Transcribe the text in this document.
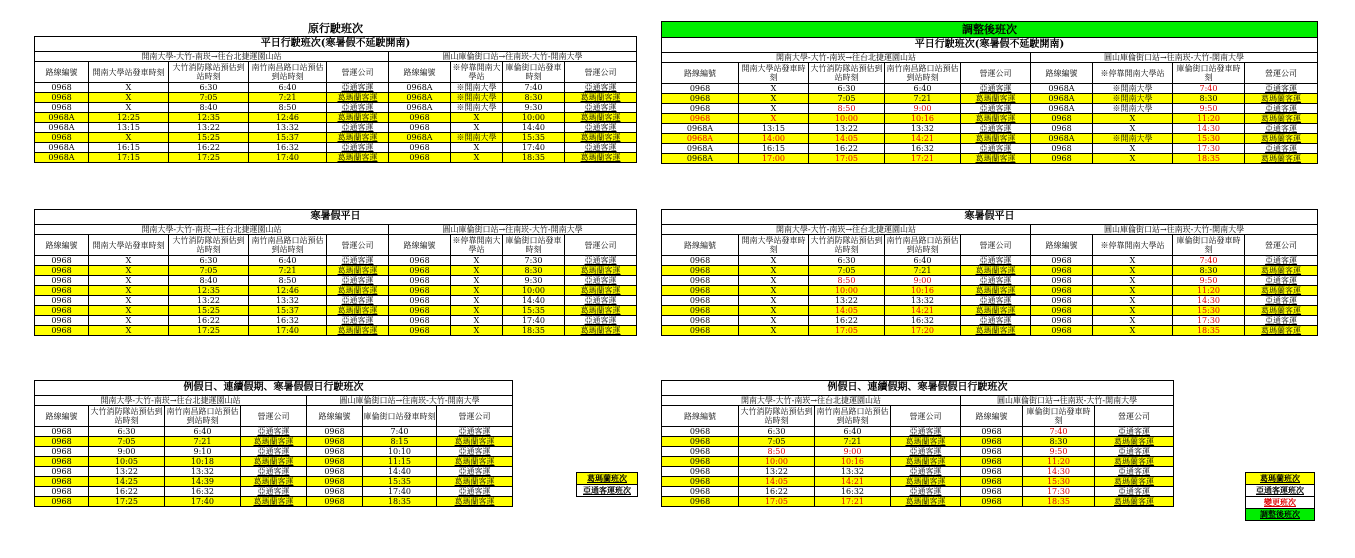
原行駛班次								
平日行駛班次(寒暑假不延駛開南)								
開南大學-大竹-南崁→往台北捷運園山站					圓山庫倫街口站→往南崁-大竹-開南大學			
路線編號	開南大學站發車時刻	大竹消防隊站預估到站時刻	南竹南昌路口站預估到站時刻	營運公司	路線編號	※停靠開南大學站	庫倫街口站發車時刻	營運公司
0968	X	6:30	6:40	亞通客運	0968A	※開南大學	7:40	亞通客運
0968	X	7:05	7:21	葛瑪蘭客運	0968A	※開南大學	8:30	葛瑪蘭客運
0968	X	8:40	8:50	亞通客運	0968A	※開南大學	9:30	亞通客運
0968A	12:25	12:35	12:46	葛瑪蘭客運	0968	X	10:00	葛瑪蘭客運
0968A	13:15	13:22	13:32	亞通客運	0968	X	14:40	亞通客運
0968	X	15:25	15:37	葛瑪蘭客運	0968A	※開南大學	15:35	葛瑪蘭客運
0968A	16:15	16:22	16:32	亞通客運	0968	X	17:40	亞通客運
0968A	17:15	17:25	17:40	葛瑪蘭客運	0968	X	18:35	葛瑪蘭客運
寒暑假平日								
開南大學-大竹-南崁→往台北捷運園山站					圓山庫倫街口站→往南崁-大竹-開南大學			
路線編號	開南大學站發車時刻	大竹消防隊站預估到站時刻	南竹南昌路口站預估到站時刻	營運公司	路線編號	※停靠開南大學站	庫倫街口站發車時刻	營運公司
0968	X	6:30	6:40	亞通客運	0968	X	7:30	亞通客運
0968	X	7:05	7:21	葛瑪蘭客運	0968	X	8:30	葛瑪蘭客運
0968	X	8:40	8:50	亞通客運	0968	X	9:30	亞通客運
0968	X	12:35	12:46	葛瑪蘭客運	0968	X	10:00	葛瑪蘭客運
0968	X	13:22	13:32	亞通客運	0968	X	14:40	亞通客運
0968	X	15:25	15:37	葛瑪蘭客運	0968	X	15:35	葛瑪蘭客運
0968	X	16:22	16:32	亞通客運	0968	X	17:40	亞通客運
0968	X	17:25	17:40	葛瑪蘭客運	0968	X	18:35	葛瑪蘭客運
例假日、連續假期、寒暑假假日行駛班次						
開南大學-大竹-南崁→往台北捷運園山站				圓山庫倫街口站→往南崁-大竹-開南大學		
路線編號	大竹消防隊站預估到站時刻	南竹南昌路口站預估到站時刻	營運公司	路線編號	庫倫街口站發車時刻	營運公司
0968	6:30	6:40	亞通客運	0968	7:40	亞通客運
0968	7:05	7:21	葛瑪蘭客運	0968	8:15	葛瑪蘭客運
0968	9:00	9:10	亞通客運	0968	10:10	亞通客運
0968	10:05	10:18	葛瑪蘭客運	0968	11:15	葛瑪蘭客運
0968	13:22	13:32	亞通客運	0968	14:40	亞通客運
0968	14:25	14:39	葛瑪蘭客運	0968	15:35	葛瑪蘭客運
0968	16:22	16:32	亞通客運	0968	17:40	亞通客運
0968	17:25	17:40	葛瑪蘭客運	0968	18:35	葛瑪蘭客運
葛瑪蘭班次
亞通客運班次
調整後班次								
平日行駛班次(寒暑假不延駛開南)								
開南大學-大竹-南崁→往台北捷運園山站					圓山庫倫街口站→往南崁-大竹-開南大學			
路線編號	開南大學站發車時刻	大竹消防隊站預估到站時刻	南竹南昌路口站預估到站時刻	營運公司	路線編號	※停靠開南大學站	庫倫街口站發車時刻	營運公司
0968	X	6:30	6:40	亞通客運	0968A	※開南大學	7:40	亞通客運
0968	X	7:05	7:21	葛瑪蘭客運	0968A	※開南大學	8:30	葛瑪蘭客運
0968	X	8:50	9:00	亞通客運	0968A	※開南大學	9:50	亞通客運
0968	X	10:00	10:16	葛瑪蘭客運	0968	X	11:20	葛瑪蘭客運
0968A	13:15	13:22	13:32	亞通客運	0968	X	14:30	亞通客運
0968A	14:00	14:05	14:21	葛瑪蘭客運	0968A	※開南大學	15:30	葛瑪蘭客運
0968A	16:15	16:22	16:32	亞通客運	0968	X	17:30	亞通客運
0968A	17:00	17:05	17:21	葛瑪蘭客運	0968	X	18:35	葛瑪蘭客運
寒暑假平日								
開南大學-大竹-南崁→往台北捷運園山站					圓山庫倫街口站→往南崁-大竹-開南大學			
路線編號	開南大學站發車時刻	大竹消防隊站預估到站時刻	南竹南昌路口站預估到站時刻	營運公司	路線編號	※停靠開南大學站	庫倫街口站發車時刻	營運公司
0968	X	6:30	6:40	亞通客運	0968	X	7:40	亞通客運
0968	X	7:05	7:21	葛瑪蘭客運	0968	X	8:30	葛瑪蘭客運
0968	X	8:50	9:00	亞通客運	0968	X	9:50	亞通客運
0968	X	10:00	10:16	葛瑪蘭客運	0968	X	11:20	葛瑪蘭客運
0968	X	13:22	13:32	亞通客運	0968	X	14:30	亞通客運
0968	X	14:05	14:21	葛瑪蘭客運	0968	X	15:30	葛瑪蘭客運
0968	X	16:22	16:32	亞通客運	0968	X	17:30	亞通客運
0968	X	17:05	17:20	葛瑪蘭客運	0968	X	18:35	葛瑪蘭客運
例假日、連續假期、寒暑假假日行駛班次						
開南大學-大竹-南崁→往台北捷運園山站				圓山庫倫街口站→往南崁-大竹-開南大學		
路線編號	大竹消防隊站預估到站時刻	南竹南昌路口站預估到站時刻	營運公司	路線編號	庫倫街口站發車時刻	營運公司
0968	6:30	6:40	亞通客運	0968	7:40	亞通客運
0968	7:05	7:21	葛瑪蘭客運	0968	8:30	葛瑪蘭客運
0968	8:50	9:00	亞通客運	0968	9:50	亞通客運
0968	10:00	10:16	葛瑪蘭客運	0968	11:20	葛瑪蘭客運
0968	13:22	13:32	亞通客運	0968	14:30	亞通客運
0968	14:05	14:21	葛瑪蘭客運	0968	15:30	葛瑪蘭客運
0968	16:22	16:32	亞通客運	0968	17:30	亞通客運
0968	17:05	17:21	葛瑪蘭客運	0968	18:35	葛瑪蘭客運
葛瑪蘭班次
亞通客運班次
變更班次
調整後班次
